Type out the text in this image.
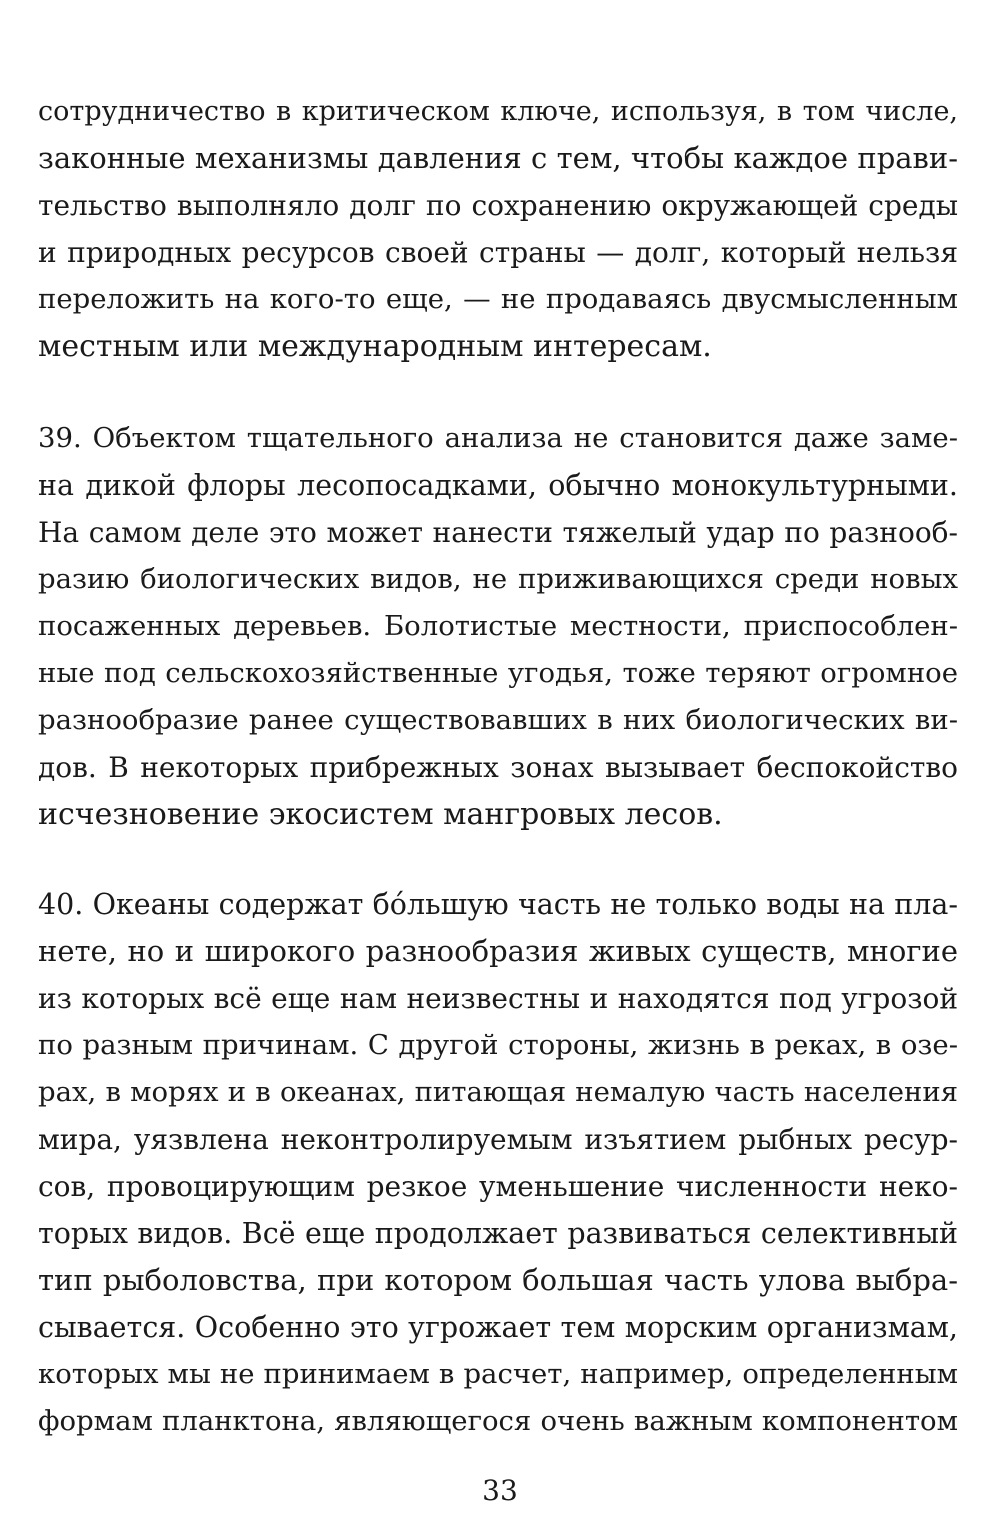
сотрудничество в критическом ключе, используя, в том числе,
законные механизмы давления с тем, чтобы каждое прави-
тельство выполняло долг по сохранению окружающей среды
и природных ресурсов своей страны — долг, который нельзя
переложить на кого-то еще, — не продаваясь двусмысленным
местным или международным интересам.
39. Объектом тщательного анализа не становится даже заме-
на дикой флоры лесопосадками, обычно монокультурными.
На самом деле это может нанести тяжелый удар по разнооб-
разию биологических видов, не приживающихся среди новых
посаженных деревьев. Болотистые местности, приспособлен-
ные под сельскохозяйственные угодья, тоже теряют огромное
разнообразие ранее существовавших в них биологических ви-
дов. В некоторых прибрежных зонах вызывает беспокойство
исчезновение экосистем мангровых лесов.
40. Океаны содержат бóльшую часть не только воды на пла-
нете, но и широкого разнообразия живых существ, многие
из которых всё еще нам неизвестны и находятся под угрозой
по разным причинам. С другой стороны, жизнь в реках, в озе-
рах, в морях и в океанах, питающая немалую часть населения
мира, уязвлена неконтролируемым изъятием рыбных ресур-
сов, провоцирующим резкое уменьшение численности неко-
торых видов. Всё еще продолжает развиваться селективный
тип рыболовства, при котором большая часть улова выбра-
сывается. Особенно это угрожает тем морским организмам,
которых мы не принимаем в расчет, например, определенным
формам планктона, являющегося очень важным компонентом
33
